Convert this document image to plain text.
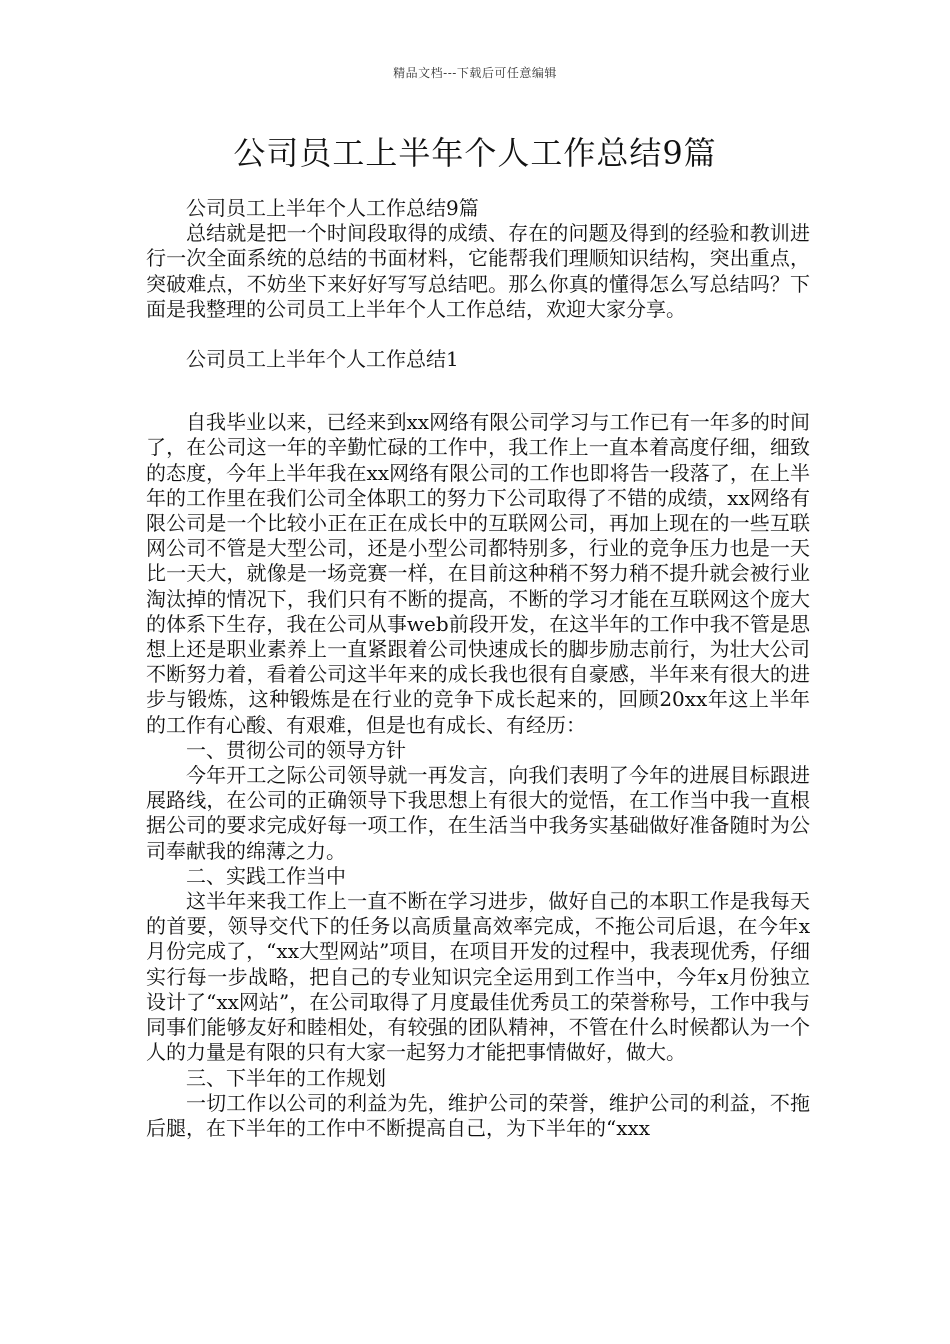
精品文档---下载后可任意编辑
公司员工上半年个人工作总结9篇

公司员工上半年个人工作总结9篇

总结就是把一个时间段取得的成绩、存在的问题及得到的经验和教训进行一次全面系统的总结的书面材料，它能帮我们理顺知识结构，突出重点，突破难点，不妨坐下来好好写写总结吧。那么你真的懂得怎么写总结吗？下面是我整理的公司员工上半年个人工作总结，欢迎大家分享。

公司员工上半年个人工作总结1

自我毕业以来，已经来到xx网络有限公司学习与工作已有一年多的时间了，在公司这一年的辛勤忙碌的工作中，我工作上一直本着高度仔细，细致的态度，今年上半年我在xx网络有限公司的工作也即将告一段落了，在上半年的工作里在我们公司全体职工的努力下公司取得了不错的成绩，xx网络有限公司是一个比较小正在正在成长中的互联网公司，再加上现在的一些互联网公司不管是大型公司，还是小型公司都特别多，行业的竞争压力也是一天比一天大，就像是一场竞赛一样，在目前这种稍不努力稍不提升就会被行业淘汰掉的情况下，我们只有不断的提高，不断的学习才能在互联网这个庞大的体系下生存，我在公司从事web前段开发，在这半年的工作中我不管是思想上还是职业素养上一直紧跟着公司快速成长的脚步励志前行，为壮大公司不断努力着，看着公司这半年来的成长我也很有自豪感，半年来有很大的进步与锻炼，这种锻炼是在行业的竞争下成长起来的，回顾20xx年这上半年的工作有心酸、有艰难，但是也有成长、有经历：

一、贯彻公司的领导方针

今年开工之际公司领导就一再发言，向我们表明了今年的进展目标跟进展路线，在公司的正确领导下我思想上有很大的觉悟，在工作当中我一直根据公司的要求完成好每一项工作，在生活当中我务实基础做好准备随时为公司奉献我的绵薄之力。

二、实践工作当中

这半年来我工作上一直不断在学习进步，做好自己的本职工作是我每天的首要，领导交代下的任务以高质量高效率完成，不拖公司后退，在今年x月份完成了，“xx大型网站”项目，在项目开发的过程中，我表现优秀，仔细实行每一步战略，把自己的专业知识完全运用到工作当中，今年x月份独立设计了“xx网站”，在公司取得了月度最佳优秀员工的荣誉称号，工作中我与同事们能够友好和睦相处，有较强的团队精神，不管在什么时候都认为一个人的力量是有限的只有大家一起努力才能把事情做好，做大。

三、下半年的工作规划

一切工作以公司的利益为先，维护公司的荣誉，维护公司的利益，不拖后腿，在下半年的工作中不断提高自己，为下半年的“xxx
